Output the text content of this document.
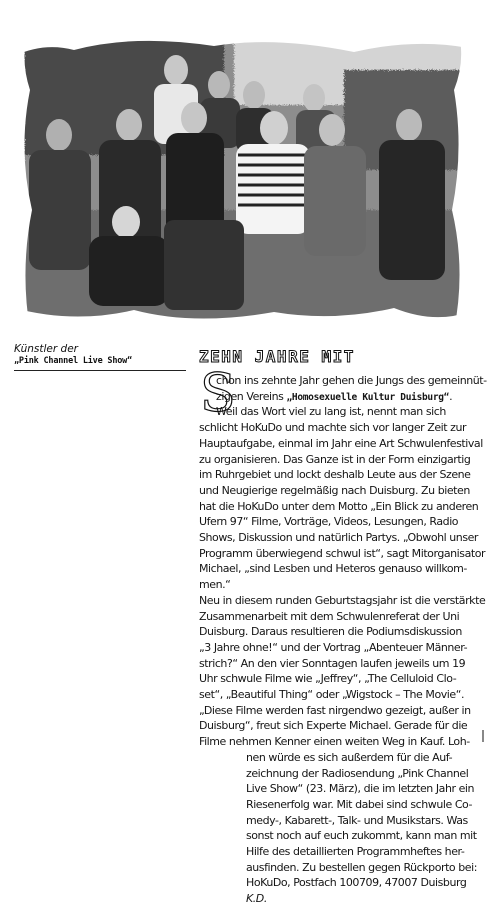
Künstler der
„Pink Channel Live Show“	ZEHN JAHRE MIT
S
chon ins zehnte Jahr gehen die Jungs des gemeinnüt-
zigen Vereins „Homosexuelle Kultur Duisburg“.
Weil das Wort viel zu lang ist, nennt man sich
schlicht HoKuDo und machte sich vor langer Zeit zur
Hauptaufgabe, einmal im Jahr eine Art Schwulenfestival
zu organisieren. Das Ganze ist in der Form einzigartig
im Ruhrgebiet und lockt deshalb Leute aus der Szene
und Neugierige regelmäßig nach Duisburg. Zu bieten
hat die HoKuDo unter dem Motto „Ein Blick zu anderen
Ufern 97“ Filme, Vorträge, Videos, Lesungen, Radio
Shows, Diskussion und natürlich Partys. „Obwohl unser
Programm überwiegend schwul ist“, sagt Mitorganisator
Michael, „sind Lesben und Heteros genauso willkom-
men.“
Neu in diesem runden Geburtstagsjahr ist die verstärkte
Zusammenarbeit mit dem Schwulenreferat der Uni
Duisburg. Daraus resultieren die Podiumsdiskussion
„3 Jahre ohne!“ und der Vortrag „Abenteuer Männer-
strich?“ An den vier Sonntagen laufen jeweils um 19
Uhr schwule Filme wie „Jeffrey“, „The Celluloid Clo-
set“, „Beautiful Thing“ oder „Wigstock – The Movie“.
„Diese Filme werden fast nirgendwo gezeigt, außer in
Duisburg“, freut sich Experte Michael. Gerade für die
Filme nehmen Kenner einen weiten Weg in Kauf. Loh-
nen würde es sich außerdem für die Auf-
zeichnung der Radiosendung „Pink Channel
Live Show“ (23. März), die im letzten Jahr ein
Riesenerfolg war. Mit dabei sind schwule Co-
medy-, Kabarett-, Talk- und Musikstars. Was
sonst noch auf euch zukommt, kann man mit
Hilfe des detaillierten Programmheftes her-
ausfinden. Zu bestellen gegen Rückporto bei:
HoKuDo, Postfach 100709, 47007 Duisburg
K.D.
